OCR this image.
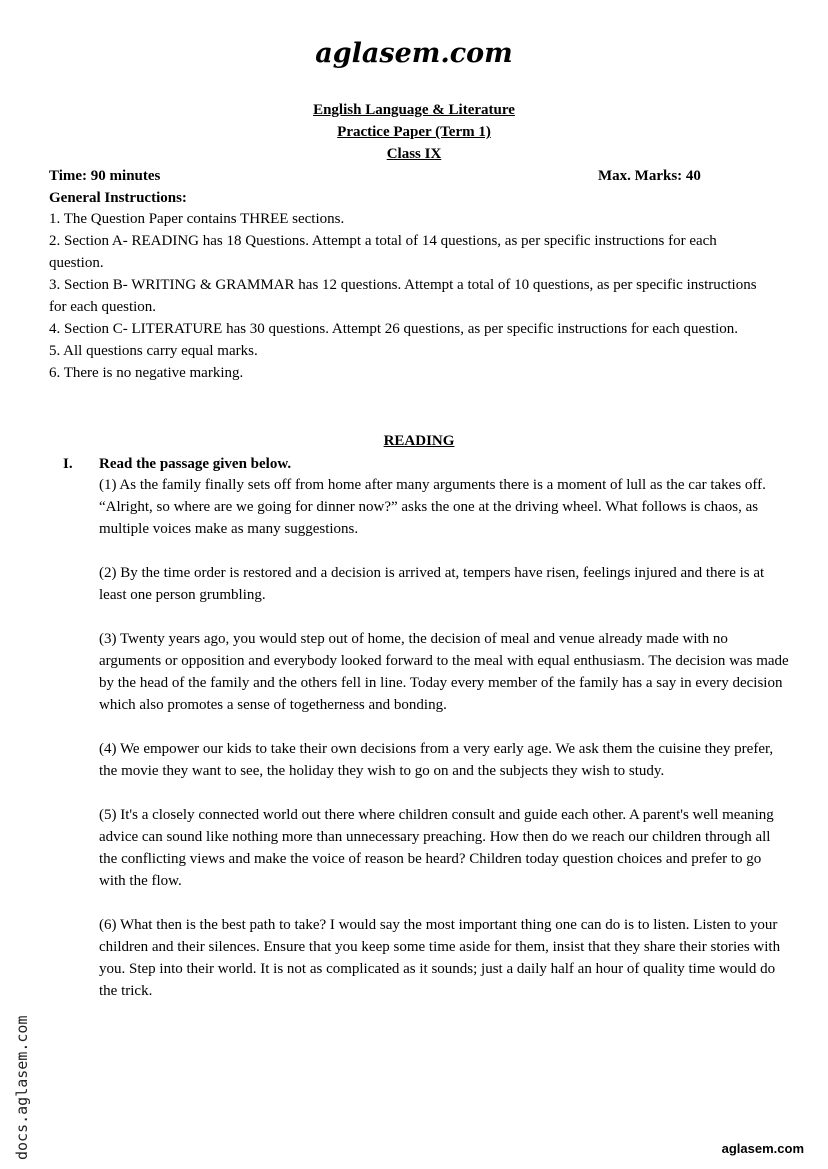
aglasem.com
English Language & Literature
Practice Paper (Term 1)
Class IX
Time: 90 minutes	Max. Marks: 40
General Instructions:

1. The Question Paper contains THREE sections.

2. Section A- READING has 18 Questions. Attempt a total of 14 questions, as per specific instructions for each question.

3. Section B- WRITING & GRAMMAR has 12 questions. Attempt a total of 10 questions, as per specific instructions for each question.

4. Section C- LITERATURE has 30 questions. Attempt 26 questions, as per specific instructions for each question.

5. All questions carry equal marks.

6. There is no negative marking.

READING
I. Read the passage given below.

(1) As the family finally sets off from home after many arguments there is a moment of lull as the car takes off. “Alright, so where are we going for dinner now?” asks the one at the driving wheel. What follows is chaos, as multiple voices make as many suggestions.

(2) By the time order is restored and a decision is arrived at, tempers have risen, feelings injured and there is at least one person grumbling.

(3) Twenty years ago, you would step out of home, the decision of meal and venue already made with no arguments or opposition and everybody looked forward to the meal with equal enthusiasm. The decision was made by the head of the family and the others fell in line. Today every member of the family has a say in every decision which also promotes a sense of togetherness and bonding.

(4) We empower our kids to take their own decisions from a very early age. We ask them the cuisine they prefer, the movie they want to see, the holiday they wish to go on and the subjects they wish to study.

(5) It's a closely connected world out there where children consult and guide each other. A parent's well meaning advice can sound like nothing more than unnecessary preaching. How then do we reach our children through all the conflicting views and make the voice of reason be heard? Children today question choices and prefer to go with the flow.

(6) What then is the best path to take? I would say the most important thing one can do is to listen. Listen to your children and their silences. Ensure that you keep some time aside for them, insist that they share their stories with you. Step into their world. It is not as complicated as it sounds; just a daily half an hour of quality time would do the trick.

docs.aglasem.com	aglasem.com
